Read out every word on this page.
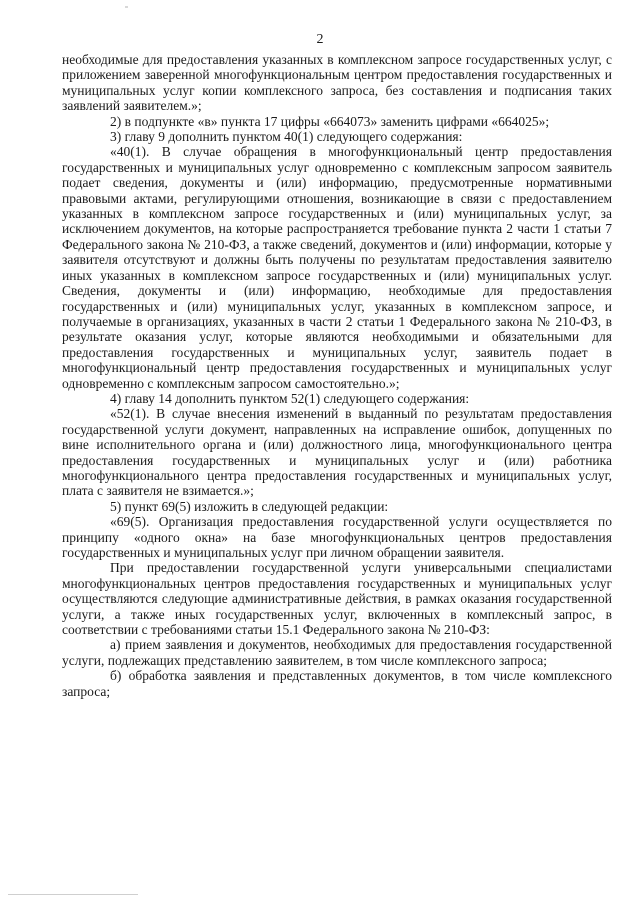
2

необходимые для предоставления указанных в комплексном запросе государственных услуг, с приложением заверенной многофункциональным центром предоставления государственных и муниципальных услуг копии комплексного запроса, без составления и подписания таких заявлений заявителем.»;

2) в подпункте «в» пункта 17 цифры «664073» заменить цифрами «664025»;

3) главу 9 дополнить пунктом 40(1) следующего содержания:

«40(1). В случае обращения в многофункциональный центр предоставления государственных и муниципальных услуг одновременно с комплексным запросом заявитель подает сведения, документы и (или) информацию, предусмотренные нормативными правовыми актами, регулирующими отношения, возникающие в связи с предоставлением указанных в комплексном запросе государственных и (или) муниципальных услуг, за исключением документов, на которые распространяется требование пункта 2 части 1 статьи 7 Федерального закона № 210-ФЗ, а также сведений, документов и (или) информации, которые у заявителя отсутствуют и должны быть получены по результатам предоставления заявителю иных указанных в комплексном запросе государственных и (или) муниципальных услуг. Сведения, документы и (или) информацию, необходимые для предоставления государственных и (или) муниципальных услуг, указанных в комплексном запросе, и получаемые в организациях, указанных в части 2 статьи 1 Федерального закона № 210-ФЗ, в результате оказания услуг, которые являются необходимыми и обязательными для предоставления государственных и муниципальных услуг, заявитель подает в многофункциональный центр предоставления государственных и муниципальных услуг одновременно с комплексным запросом самостоятельно.»;

4) главу 14 дополнить пунктом 52(1) следующего содержания:

«52(1). В случае внесения изменений в выданный по результатам предоставления государственной услуги документ, направленных на исправление ошибок, допущенных по вине исполнительного органа и (или) должностного лица, многофункционального центра предоставления государственных и муниципальных услуг и (или) работника многофункционального центра предоставления государственных и муниципальных услуг, плата с заявителя не взимается.»;

5) пункт 69(5) изложить в следующей редакции:

«69(5). Организация предоставления государственной услуги осуществляется по принципу «одного окна» на базе многофункциональных центров предоставления государственных и муниципальных услуг при личном обращении заявителя.

При предоставлении государственной услуги универсальными специалистами многофункциональных центров предоставления государственных и муниципальных услуг осуществляются следующие административные действия, в рамках оказания государственной услуги, а также иных государственных услуг, включенных в комплексный запрос, в соответствии с требованиями статьи 15.1 Федерального закона № 210-ФЗ:

а) прием заявления и документов, необходимых для предоставления государственной услуги, подлежащих представлению заявителем, в том числе комплексного запроса;

б) обработка заявления и представленных документов, в том числе комплексного запроса;
